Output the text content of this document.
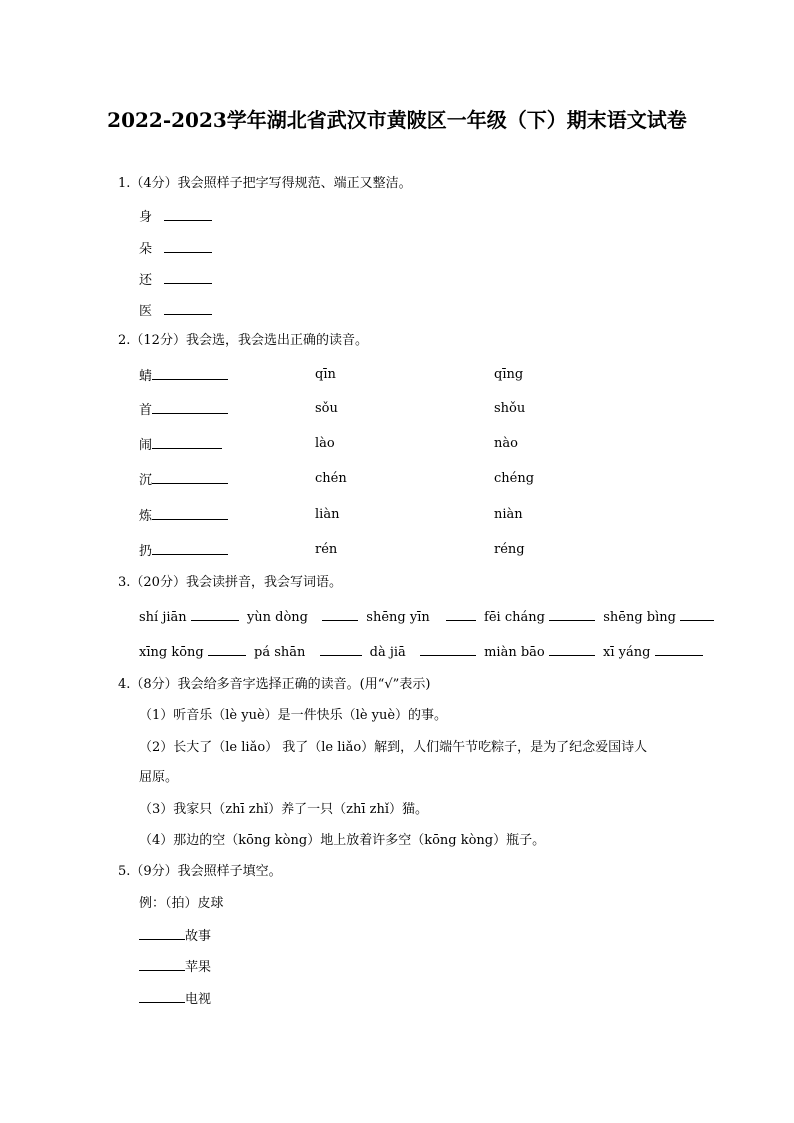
2022-2023学年湖北省武汉市黄陂区一年级（下）期末语文试卷
1.（4分）我会照样子把字写得规范、端正又整洁。
身
朵
还
医
2.（12分）我会选，我会选出正确的读音。
蜻	qīn	qīng
首	sǒu	shǒu
闹	lào	nào
沉	chén	chéng
炼	liàn	niàn
扔	rén	réng
3.（20分）我会读拼音，我会写词语。
shí jiān	yùn dòng	shēng yīn	fēi cháng	shēng bìng
xīng kōng	pá shān	dà jiā	miàn bāo	xī yáng
4.（8分）我会给多音字选择正确的读音。(用“√”表示)
（1）听音乐（lè yuè）是一件快乐（lè yuè）的事。
（2）长大了（le liǎo） 我了（le liǎo）解到，人们端午节吃粽子，是为了纪念爱国诗人
屈原。
（3）我家只（zhī zhǐ）养了一只（zhī zhǐ）猫。
（4）那边的空（kōng kòng）地上放着许多空（kōng kòng）瓶子。
5.（9分）我会照样子填空。
例：（拍）皮球
故事
苹果
电视
